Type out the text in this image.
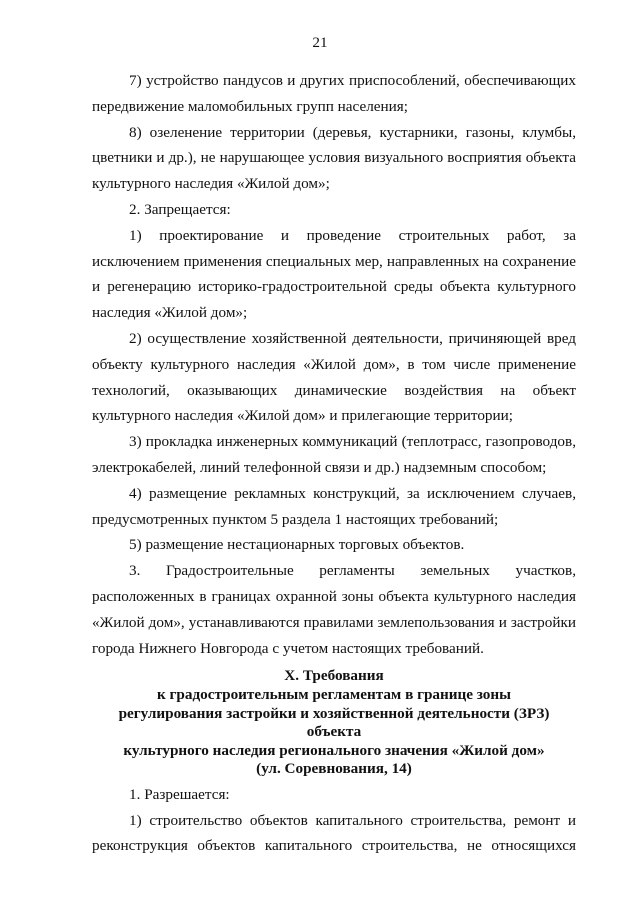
21

7) устройство пандусов и других приспособлений, обеспечивающих передвижение маломобильных групп населения;

8) озеленение территории (деревья, кустарники, газоны, клумбы, цветники и др.), не нарушающее условия визуального восприятия объекта культурного наследия «Жилой дом»;

2. Запрещается:

1) проектирование и проведение строительных работ, за исключением применения специальных мер, направленных на сохранение и регенерацию историко-градостроительной среды объекта культурного наследия «Жилой дом»;

2) осуществление хозяйственной деятельности, причиняющей вред объекту культурного наследия «Жилой дом», в том числе применение технологий, оказывающих динамические воздействия на объект культурного наследия «Жилой дом» и прилегающие территории;

3) прокладка инженерных коммуникаций (теплотрасс, газопроводов, электрокабелей, линий телефонной связи и др.) надземным способом;

4) размещение рекламных конструкций, за исключением случаев, предусмотренных пунктом 5 раздела 1 настоящих требований;

5) размещение нестационарных торговых объектов.

3. Градостроительные регламенты земельных участков, расположенных в границах охранной зоны объекта культурного наследия «Жилой дом», устанавливаются правилами землепользования и застройки города Нижнего Новгорода с учетом настоящих требований.

X. Требования
к градостроительным регламентам в границе зоны
регулирования застройки и хозяйственной деятельности (ЗРЗ) объекта
культурного наследия регионального значения «Жилой дом»
(ул. Соревнования, 14)

1. Разрешается:

1) строительство объектов капитального строительства, ремонт и реконструкция объектов капитального строительства, не относящихся
